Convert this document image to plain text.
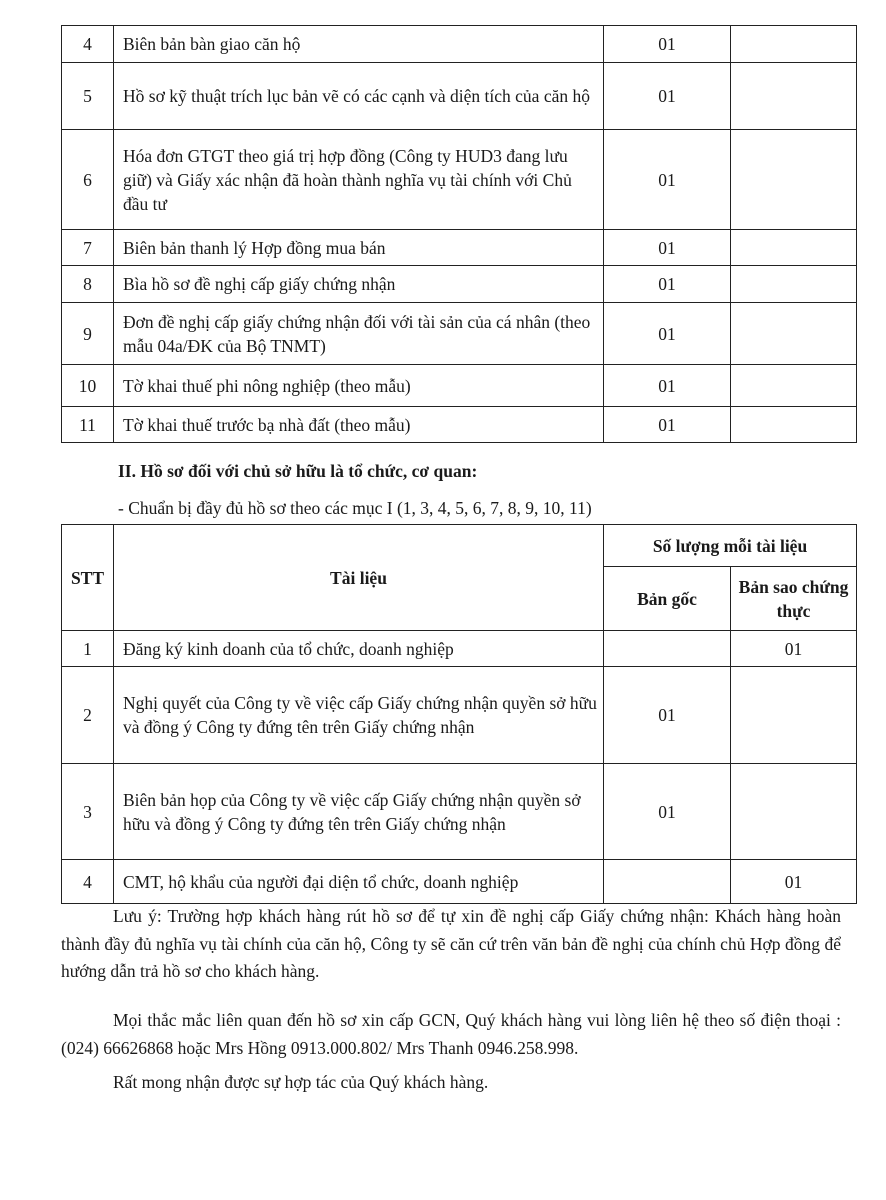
4	Biên bản bàn giao căn hộ	01	
5	Hồ sơ kỹ thuật trích lục bản vẽ có các cạnh và diện tích của căn hộ	01	
6	Hóa đơn GTGT theo giá trị hợp đồng (Công ty HUD3 đang lưu giữ) và Giấy xác nhận đã hoàn thành nghĩa vụ tài chính với Chủ đầu tư	01	
7	Biên bản thanh lý Hợp đồng mua bán	01	
8	Bìa hồ sơ đề nghị cấp giấy chứng nhận	01	
9	Đơn đề nghị cấp giấy chứng nhận đối với tài sản của cá nhân (theo mẫu 04a/ĐK của Bộ TNMT)	01	
10	Tờ khai thuế phi nông nghiệp (theo mẫu)	01	
11	Tờ khai thuế trước bạ nhà đất (theo mẫu)	01	
II. Hồ sơ đối với chủ sở hữu là tổ chức, cơ quan:
- Chuẩn bị đầy đủ hồ sơ theo các mục I (1, 3, 4, 5, 6, 7, 8, 9, 10, 11)
STT	Tài liệu	Số lượng mỗi tài liệu	
		Bản gốc	Bản sao chứng thực
1	Đăng ký kinh doanh của tổ chức, doanh nghiệp		01
2	Nghị quyết của Công ty về việc cấp Giấy chứng nhận quyền sở hữu và đồng ý Công ty đứng tên trên Giấy chứng nhận	01	
3	Biên bản họp của Công ty về việc cấp Giấy chứng nhận quyền sở hữu và đồng ý Công ty đứng tên trên Giấy chứng nhận	01	
4	CMT, hộ khẩu của người đại diện tổ chức, doanh nghiệp		01
Lưu ý: Trường hợp khách hàng rút hồ sơ để tự xin đề nghị cấp Giấy chứng nhận: Khách hàng hoàn thành đầy đủ nghĩa vụ tài chính của căn hộ, Công ty sẽ căn cứ trên văn bản đề nghị của chính chủ Hợp đồng để hướng dẫn trả hồ sơ cho khách hàng.
Mọi thắc mắc liên quan đến hồ sơ xin cấp GCN, Quý khách hàng vui lòng liên hệ theo số điện thoại : (024) 66626868 hoặc Mrs Hồng 0913.000.802/ Mrs Thanh 0946.258.998.
Rất mong nhận được sự hợp tác của Quý khách hàng.
